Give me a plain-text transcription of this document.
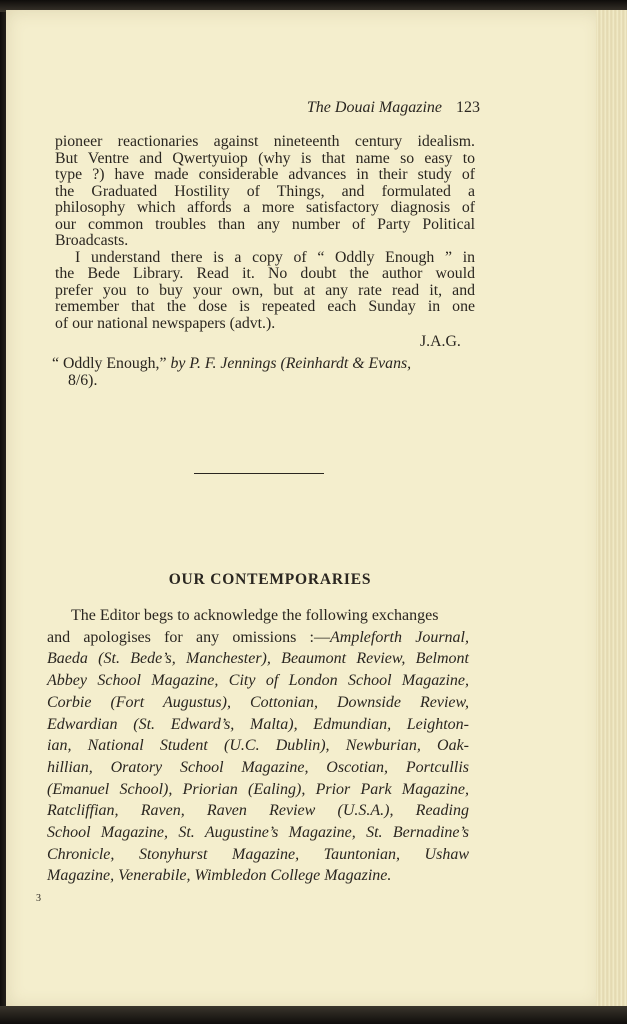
The Douai Magazine 123
pioneer reactionaries against nineteenth century idealism.
But Ventre and Qwertyuiop (why is that name so easy to
type ?) have made considerable advances in their study of
the Graduated Hostility of Things, and formulated a
philosophy which affords a more satisfactory diagnosis of
our common troubles than any number of Party Political
Broadcasts.
I understand there is a copy of “ Oddly Enough ” in
the Bede Library. Read it. No doubt the author would
prefer you to buy your own, but at any rate read it, and
remember that the dose is repeated each Sunday in one
of our national newspapers (advt.).
J.A.G.
“ Oddly Enough,” by P. F. Jennings (Reinhardt & Evans,
8/6).
OUR CONTEMPORARIES
The Editor begs to acknowledge the following exchanges
and apologises for any omissions :—Ampleforth Journal,
Baeda (St. Bede’s, Manchester), Beaumont Review, Belmont
Abbey School Magazine, City of London School Magazine,
Corbie (Fort Augustus), Cottonian, Downside Review,
Edwardian (St. Edward’s, Malta), Edmundian, Leighton-
ian, National Student (U.C. Dublin), Newburian, Oak-
hillian, Oratory School Magazine, Oscotian, Portcullis
(Emanuel School), Priorian (Ealing), Prior Park Magazine,
Ratcliffian, Raven, Raven Review (U.S.A.), Reading
School Magazine, St. Augustine’s Magazine, St. Bernadine’s
Chronicle, Stonyhurst Magazine, Tauntonian, Ushaw
Magazine, Venerabile, Wimbledon College Magazine.
3
